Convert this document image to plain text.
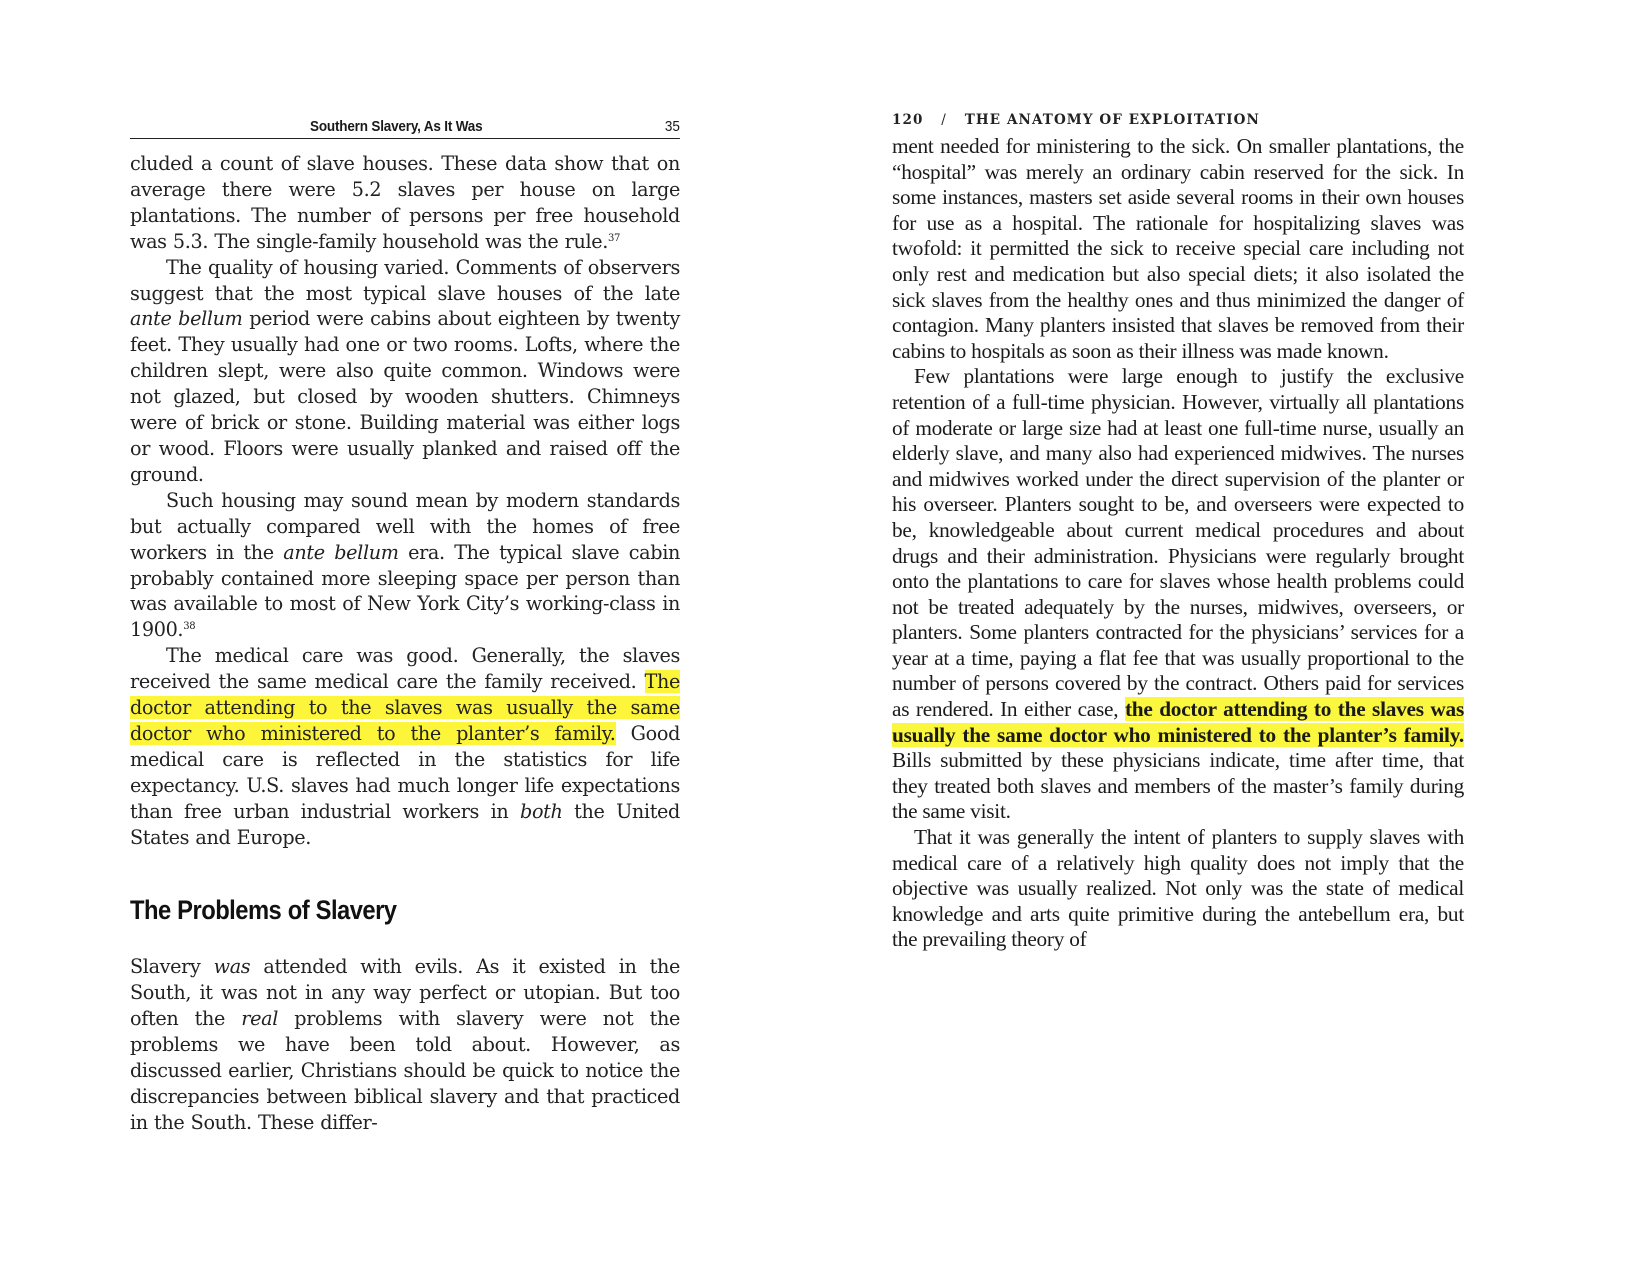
Southern Slavery, As It Was	35

cluded a count of slave houses. These data show that on average there were 5.2 slaves per house on large plantations. The number of persons per free household was 5.3. The single-family household was the rule.$^{37}$

The quality of housing varied. Comments of observers suggest that the most typical slave houses of the late ante bellum period were cabins about eighteen by twenty feet. They usually had one or two rooms. Lofts, where the children slept, were also quite common. Windows were not glazed, but closed by wooden shutters. Chimneys were of brick or stone. Building material was either logs or wood. Floors were usually planked and raised off the ground.

Such housing may sound mean by modern standards but actually compared well with the homes of free workers in the ante bellum era. The typical slave cabin probably contained more sleeping space per person than was available to most of New York City’s working-class in 1900.38

The medical care was good. Generally, the slaves received the same medical care the family received. The doctor attending to the slaves was usually the same doctor who ministered to the planter’s family. Good medical care is reflected in the statistics for life expectancy. U.S. slaves had much longer life expectations than free urban industrial workers in both the United States and Europe.

The Problems of Slavery

Slavery was attended with evils. As it existed in the South, it was not in any way perfect or utopian. But too often the real problems with slavery were not the problems we have been told about. However, as discussed earlier, Christians should be quick to notice the discrepancies between biblical slavery and that practiced in the South. These differ-

120 / THE ANATOMY OF EXPLOITATION

ment needed for ministering to the sick. On smaller plantations, the “hospital” was merely an ordinary cabin reserved for the sick. In some instances, masters set aside several rooms in their own houses for use as a hospital. The rationale for hospitalizing slaves was twofold: it permitted the sick to receive special care including not only rest and medication but also special diets; it also isolated the sick slaves from the healthy ones and thus minimized the danger of contagion. Many planters insisted that slaves be removed from their cabins to hospitals as soon as their illness was made known.

Few plantations were large enough to justify the exclusive retention of a full-time physician. However, virtually all plantations of moderate or large size had at least one full-time nurse, usually an elderly slave, and many also had experienced midwives. The nurses and midwives worked under the direct supervision of the planter or his overseer. Planters sought to be, and overseers were expected to be, knowledgeable about current medical procedures and about drugs and their administration. Physicians were regularly brought onto the plantations to care for slaves whose health problems could not be treated adequately by the nurses, midwives, overseers, or planters. Some planters contracted for the physicians’ services for a year at a time, paying a flat fee that was usually proportional to the number of persons covered by the contract. Others paid for services as rendered. In either case, the doctor attending to the slaves was usually the same doctor who ministered to the planter’s family. Bills submitted by these physicians indicate, time after time, that they treated both slaves and members of the master’s family during the same visit.

That it was generally the intent of planters to supply slaves with medical care of a relatively high quality does not imply that the objective was usually realized. Not only was the state of medical knowledge and arts quite primitive during the antebellum era, but the prevailing theory of
